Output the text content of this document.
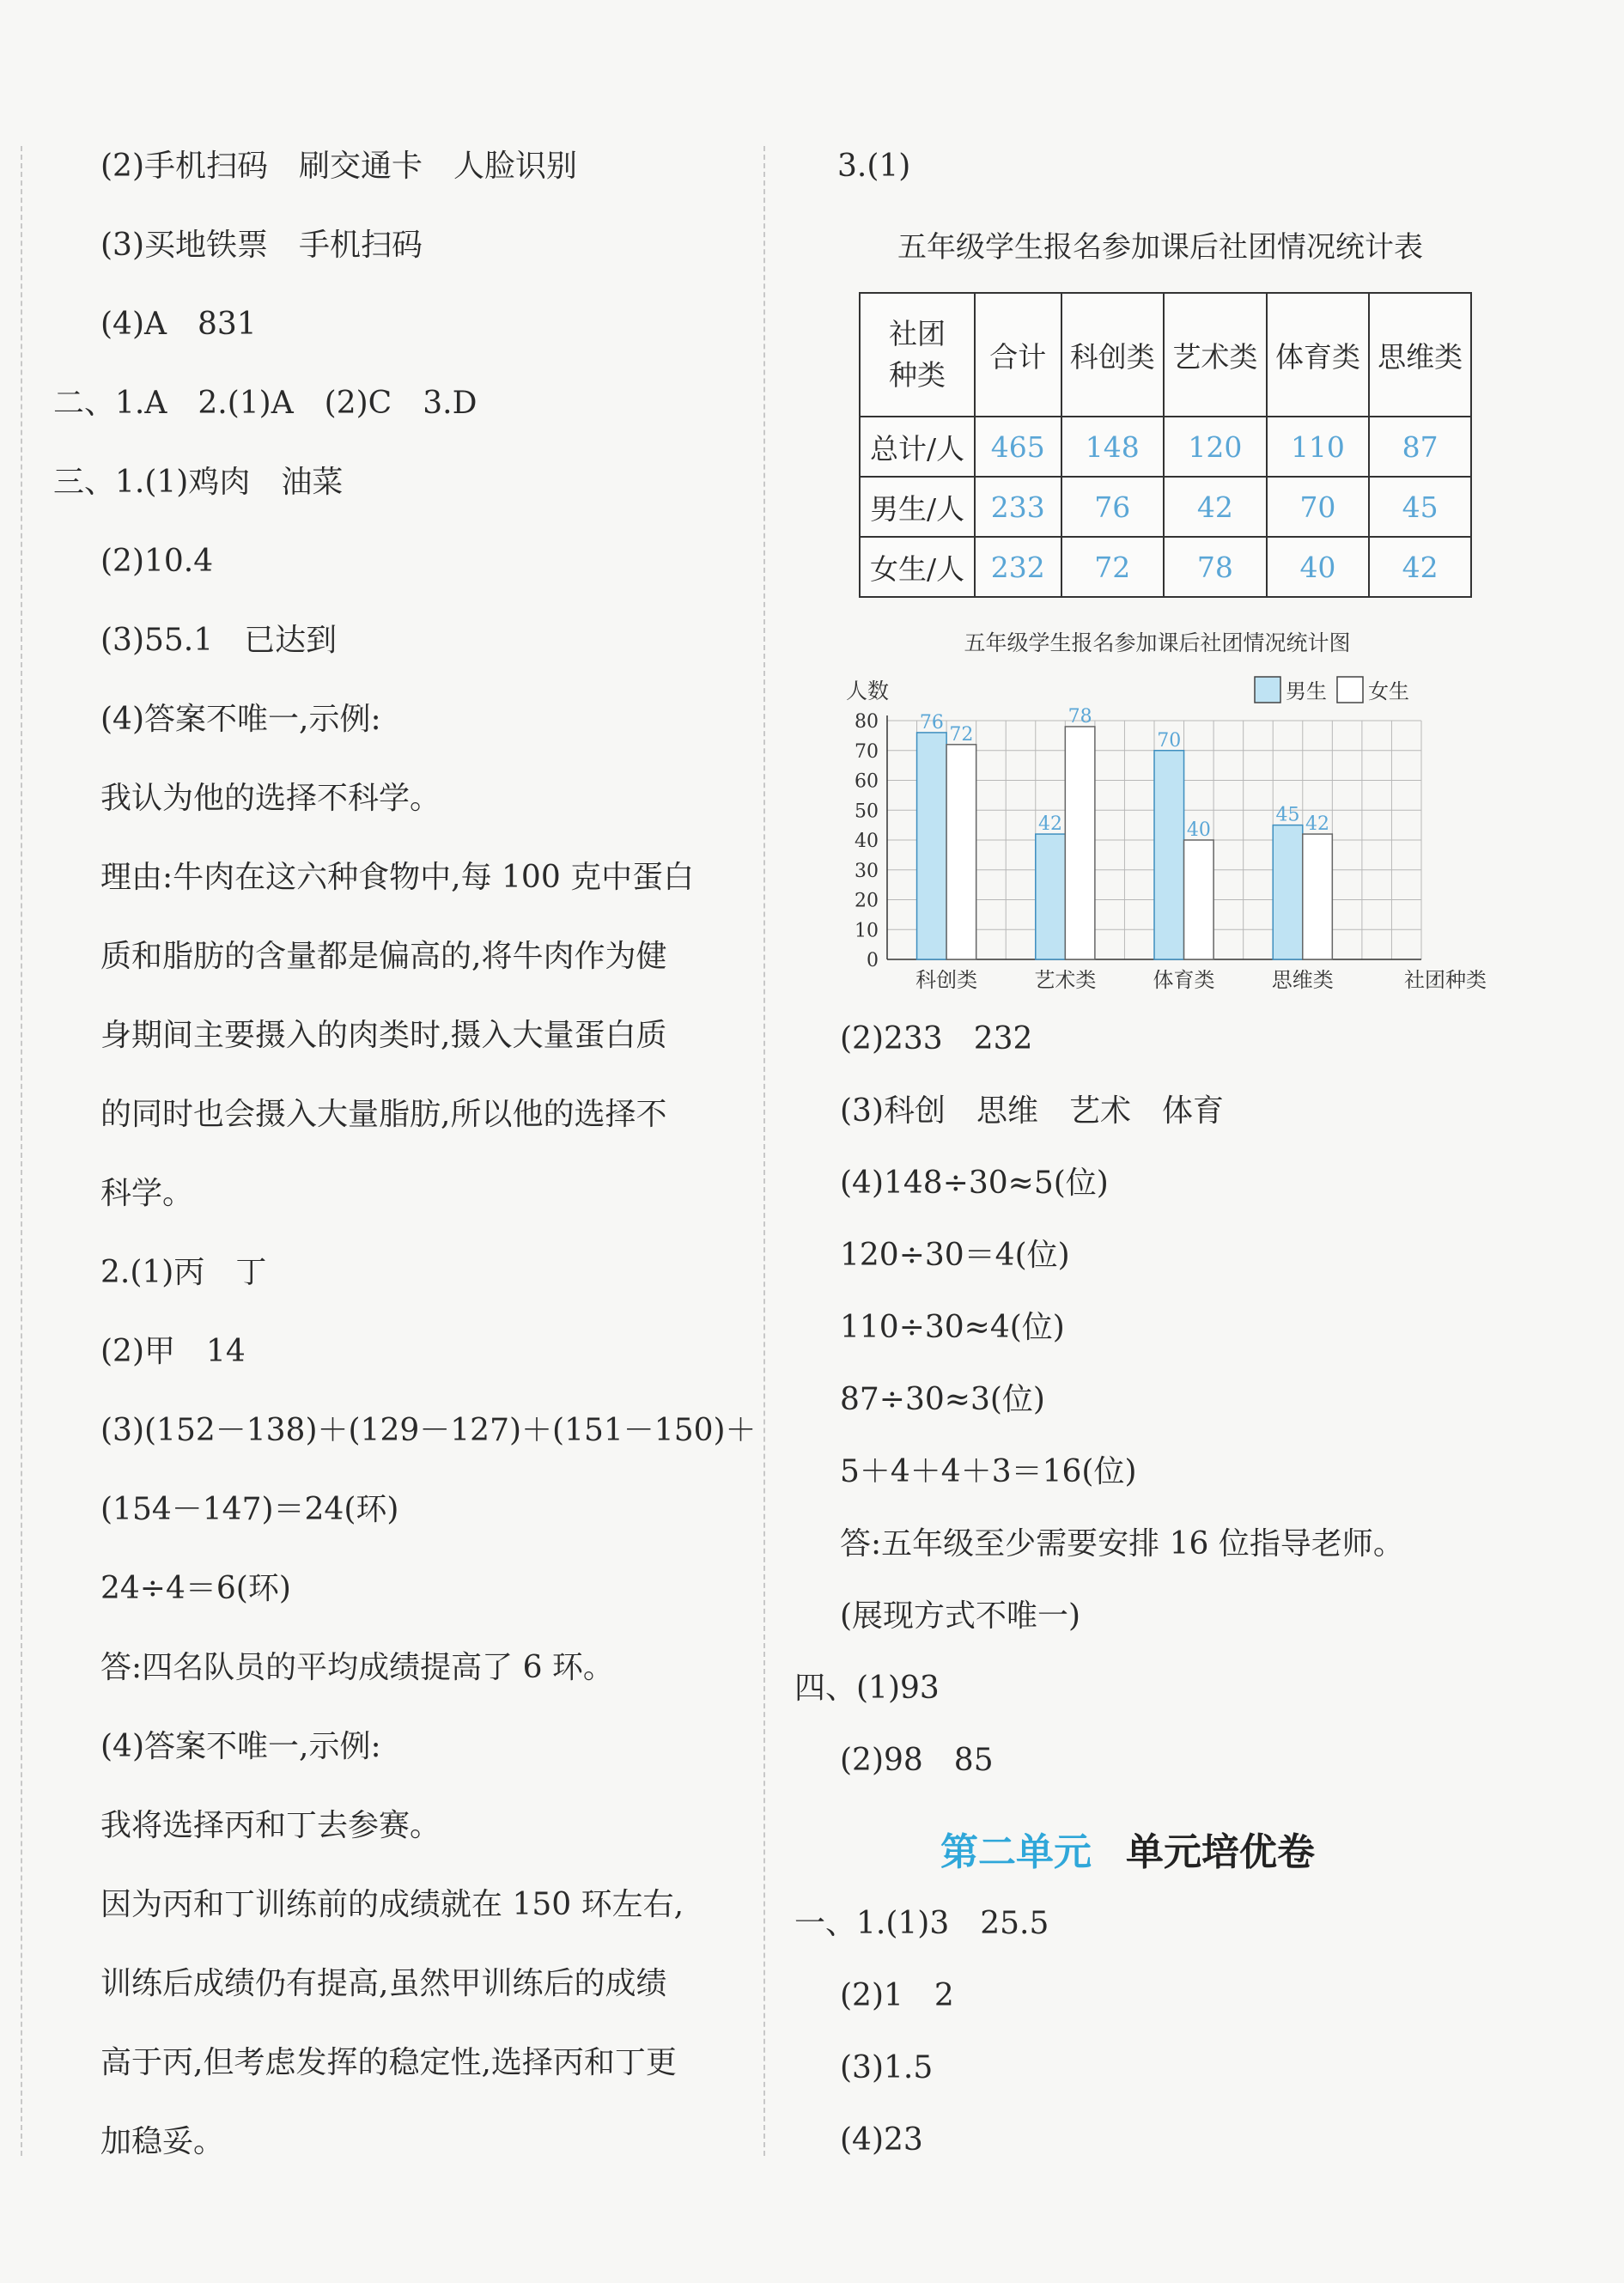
(2)手机扫码　刷交通卡　人脸识别
(3)买地铁票　手机扫码
(4)A　831
二、1.A　2.(1)A　(2)C　3.D
三、1.(1)鸡肉　油菜
(2)10.4
(3)55.1　已达到
(4)答案不唯一,示例:
我认为他的选择不科学。
理由:牛肉在这六种食物中,每 100 克中蛋白
质和脂肪的含量都是偏高的,将牛肉作为健
身期间主要摄入的肉类时,摄入大量蛋白质
的同时也会摄入大量脂肪,所以他的选择不
科学。
2.(1)丙　丁
(2)甲　14
(3)(152－138)＋(129－127)＋(151－150)＋
(154－147)＝24(环)
24÷4＝6(环)
答:四名队员的平均成绩提高了 6 环。
(4)答案不唯一,示例:
我将选择丙和丁去参赛。
因为丙和丁训练前的成绩就在 150 环左右,
训练后成绩仍有提高,虽然甲训练后的成绩
高于丙,但考虑发挥的稳定性,选择丙和丁更
加稳妥。
3.(1)
五年级学生报名参加课后社团情况统计表
社团
种类	合计	科创类	艺术类	体育类	思维类
总计/人	465	148	120	110	87
男生/人	233	76	42	70	45
女生/人	232	72	78	40	42
五年级学生报名参加课后社团情况统计图
人数	男生 女生
0
10
20
30
40
50
60
70
80 76
72
科创类
42
78
艺术类
70
40
体育类
45 42
思维类	社团种类
(2)233　232
(3)科创　思维　艺术　体育
(4)148÷30≈5(位)
120÷30＝4(位)
110÷30≈4(位)
87÷30≈3(位)
5＋4＋4＋3＝16(位)
答:五年级至少需要安排 16 位指导老师。
(展现方式不唯一)
四、(1)93
(2)98　85
第二单元 单元培优卷
一、1.(1)3　25.5
(2)1　2
(3)1.5
(4)23
